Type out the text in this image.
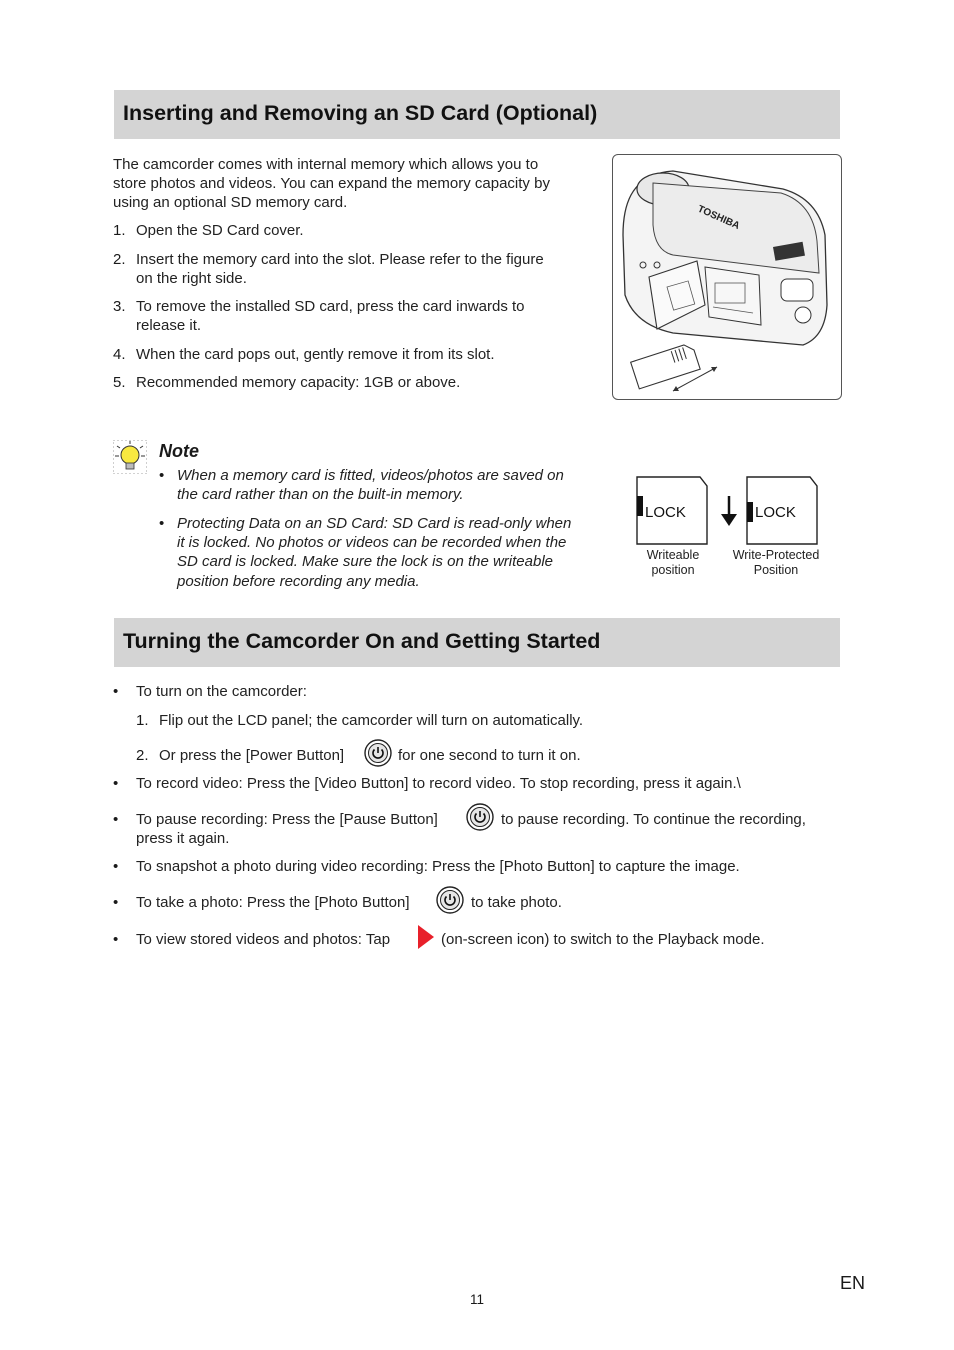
Inserting and Removing an SD Card (Optional)
The camcorder comes with internal memory which allows you to
store photos and videos. You can expand the memory capacity by
using an optional SD memory card.
1. Open the SD Card cover.
2. Insert the memory card into the slot. Please refer to the figure
on the right side.
3. To remove the installed SD card, press the card inwards to
release it.
4. When the card pops out, gently remove it from its slot.
5. Recommended memory capacity: 1GB or above.
TOSHIBA
Note
• When a memory card is fitted, videos/photos are saved on
the card rather than on the built-in memory.
• Protecting Data on an SD Card: SD Card is read-only when
it is locked. No photos or videos can be recorded when the
SD card is locked. Make sure the lock is on the writeable
position before recording any media.
LOCK	LOCK
Writeable
position
Write-Protected
Position
Turning the Camcorder On and Getting Started
• To turn on the camcorder:
1. Flip out the LCD panel; the camcorder will turn on automatically.
2. Or press the [Power Button]	for one second to turn it on.
• To record video: Press the [Video Button] to record video. To stop recording, press it again.\
• To pause recording: Press the [Pause Button]	to pause recording. To continue the recording,
press it again.
• To snapshot a photo during video recording: Press the [Photo Button] to capture the image.
• To take a photo: Press the [Photo Button]	to take photo.
• To view stored videos and photos: Tap	(on-screen icon) to switch to the Playback mode.
11
EN
